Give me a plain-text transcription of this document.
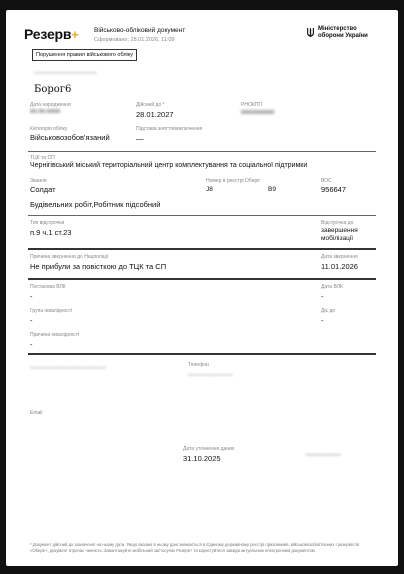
Резерв+ Військово-обліковий документ
Сформовано: 28.01.2026, 11:09
Міністерство
оборони України
Порушення правил військового обліку
-------------------
Борог6
Дата народження
00.00.0000
Дійсний до *
28.01.2027
РНОКПП
0000000000
Категорія обліку
Військовозобов'язаний
Підстава зняття/виключення
—
ТЦК та СП
Чернігівський міський територіальний центр комплектування та соціальної підтримки
Звання
Солдат
Номер в реєстрі Оберіг
J8	B9
ВОС
956647
Будівельних робіт,Робітник підсобний
Тип відстрочки
п.9 ч.1 ст.23
Відстрочка до
завершення
мобілізації
Причина звернення до Нацполіції
Не прибули за повісткою до ТЦК та СП
Дата звернення
11.01.2026
Постанова ВЛК
-
Дата ВЛК
-
Група інвалідності
-
Діє до
-
Причина інвалідності
-
---------------------------	Телефон
----------------
Email
Дата уточнення даних
31.10.2025	-----------
* Документ дійсний до зазначеної на ньому дати. Якщо вказані в ньому дані змінюються в Єдиному державному реєстрі призовників, військовозобов'язаних і резервістів «Оберіг», документ втрачає чинність. Завантажуйте мобільний застосунок Резерв+ та користуйтеся завжди актуальним електронним документом.
